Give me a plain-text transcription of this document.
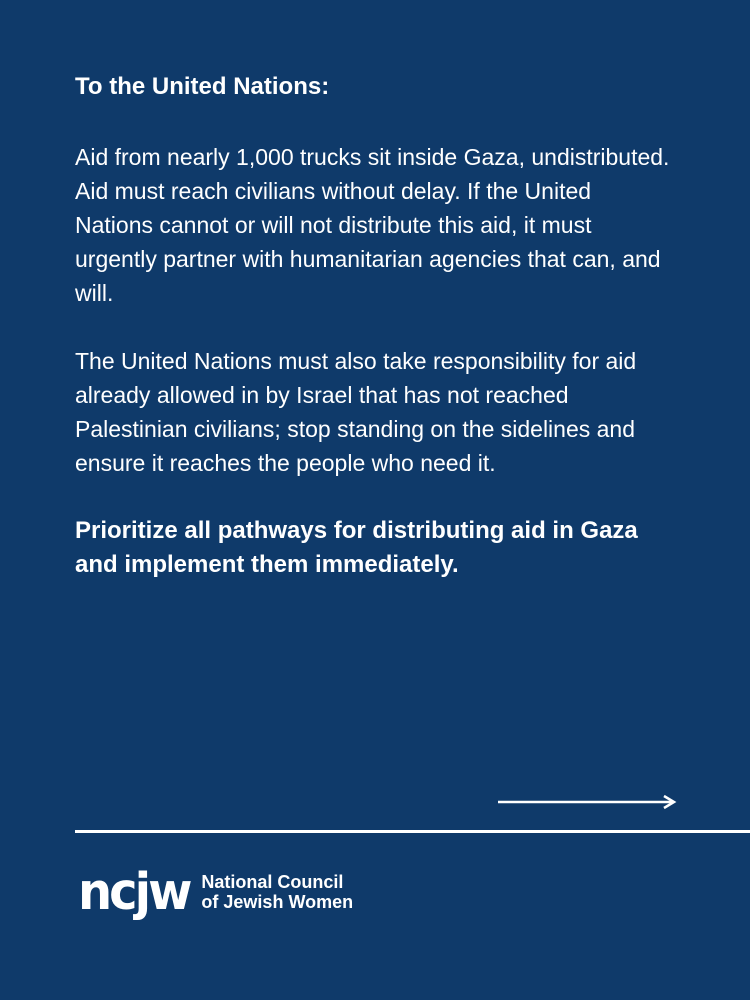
To the United Nations:

Aid from nearly 1,000 trucks sit inside Gaza, undistributed. Aid must reach civilians without delay. If the United Nations cannot or will not distribute this aid, it must urgently partner with humanitarian agencies that can, and will.

The United Nations must also take responsibility for aid already allowed in by Israel that has not reached Palestinian civilians; stop standing on the sidelines and ensure it reaches the people who need it.

Prioritize all pathways for distributing aid in Gaza and implement them immediately.

ncjw National Council
of Jewish Women
